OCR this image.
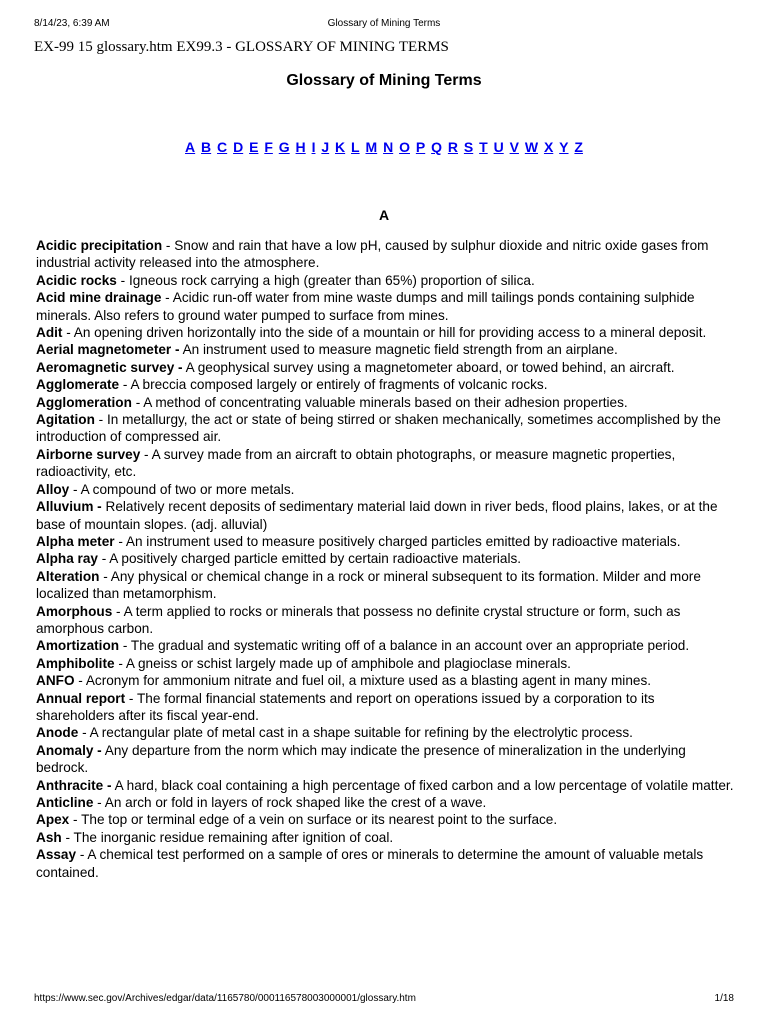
8/14/23, 6:39 AM	Glossary of Mining Terms
EX-99 15 glossary.htm EX99.3 - GLOSSARY OF MINING TERMS
Glossary of Mining Terms
A B C D E F G H I J K L M N O P Q R S T U V W X Y Z
A

Acidic precipitation - Snow and rain that have a low pH, caused by sulphur dioxide and nitric oxide gases from industrial activity released into the atmosphere.

Acidic rocks - Igneous rock carrying a high (greater than 65%) proportion of silica.

Acid mine drainage - Acidic run-off water from mine waste dumps and mill tailings ponds containing sulphide minerals. Also refers to ground water pumped to surface from mines.

Adit - An opening driven horizontally into the side of a mountain or hill for providing access to a mineral deposit.

Aerial magnetometer - An instrument used to measure magnetic field strength from an airplane.

Aeromagnetic survey - A geophysical survey using a magnetometer aboard, or towed behind, an aircraft.

Agglomerate - A breccia composed largely or entirely of fragments of volcanic rocks.

Agglomeration - A method of concentrating valuable minerals based on their adhesion properties.

Agitation - In metallurgy, the act or state of being stirred or shaken mechanically, sometimes accomplished by the introduction of compressed air.

Airborne survey - A survey made from an aircraft to obtain photographs, or measure magnetic properties, radioactivity, etc.

Alloy - A compound of two or more metals.

Alluvium - Relatively recent deposits of sedimentary material laid down in river beds, flood plains, lakes, or at the base of mountain slopes. (adj. alluvial)

Alpha meter - An instrument used to measure positively charged particles emitted by radioactive materials.

Alpha ray - A positively charged particle emitted by certain radioactive materials.

Alteration - Any physical or chemical change in a rock or mineral subsequent to its formation. Milder and more localized than metamorphism.

Amorphous - A term applied to rocks or minerals that possess no definite crystal structure or form, such as amorphous carbon.

Amortization - The gradual and systematic writing off of a balance in an account over an appropriate period.

Amphibolite - A gneiss or schist largely made up of amphibole and plagioclase minerals.

ANFO - Acronym for ammonium nitrate and fuel oil, a mixture used as a blasting agent in many mines.

Annual report - The formal financial statements and report on operations issued by a corporation to its shareholders after its fiscal year-end.

Anode - A rectangular plate of metal cast in a shape suitable for refining by the electrolytic process.

Anomaly - Any departure from the norm which may indicate the presence of mineralization in the underlying bedrock.

Anthracite - A hard, black coal containing a high percentage of fixed carbon and a low percentage of volatile matter.

Anticline - An arch or fold in layers of rock shaped like the crest of a wave.

Apex - The top or terminal edge of a vein on surface or its nearest point to the surface.

Ash - The inorganic residue remaining after ignition of coal.

Assay - A chemical test performed on a sample of ores or minerals to determine the amount of valuable metals contained.

https://www.sec.gov/Archives/edgar/data/1165780/000116578003000001/glossary.htm	1/18
